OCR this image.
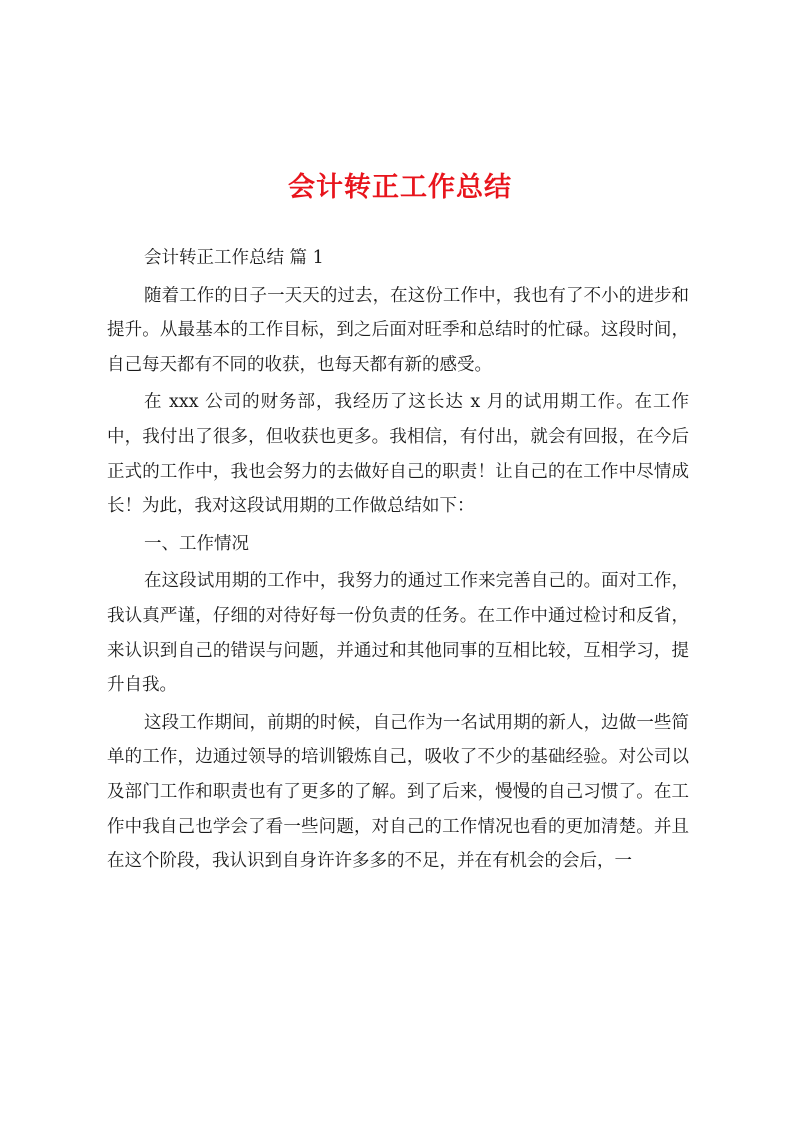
会计转正工作总结

会计转正工作总结 篇 1

随着工作的日子一天天的过去，在这份工作中，我也有了不小的进步和提升。从最基本的工作目标，到之后面对旺季和总结时的忙碌。这段时间，自己每天都有不同的收获，也每天都有新的感受。

在 xxx 公司的财务部，我经历了这长达 x 月的试用期工作。在工作中，我付出了很多，但收获也更多。我相信，有付出，就会有回报，在今后正式的工作中，我也会努力的去做好自己的职责！让自己的在工作中尽情成长！为此，我对这段试用期的工作做总结如下：

一、工作情况

在这段试用期的工作中，我努力的通过工作来完善自己的。面对工作，我认真严谨，仔细的对待好每一份负责的任务。在工作中通过检讨和反省，来认识到自己的错误与问题，并通过和其他同事的互相比较，互相学习，提升自我。

这段工作期间，前期的时候，自己作为一名试用期的新人，边做一些简单的工作，边通过领导的培训锻炼自己，吸收了不少的基础经验。对公司以及部门工作和职责也有了更多的了解。到了后来，慢慢的自己习惯了。在工作中我自己也学会了看一些问题，对自己的工作情况也看的更加清楚。并且在这个阶段，我认识到自身许许多多的不足，并在有机会的会后，一
